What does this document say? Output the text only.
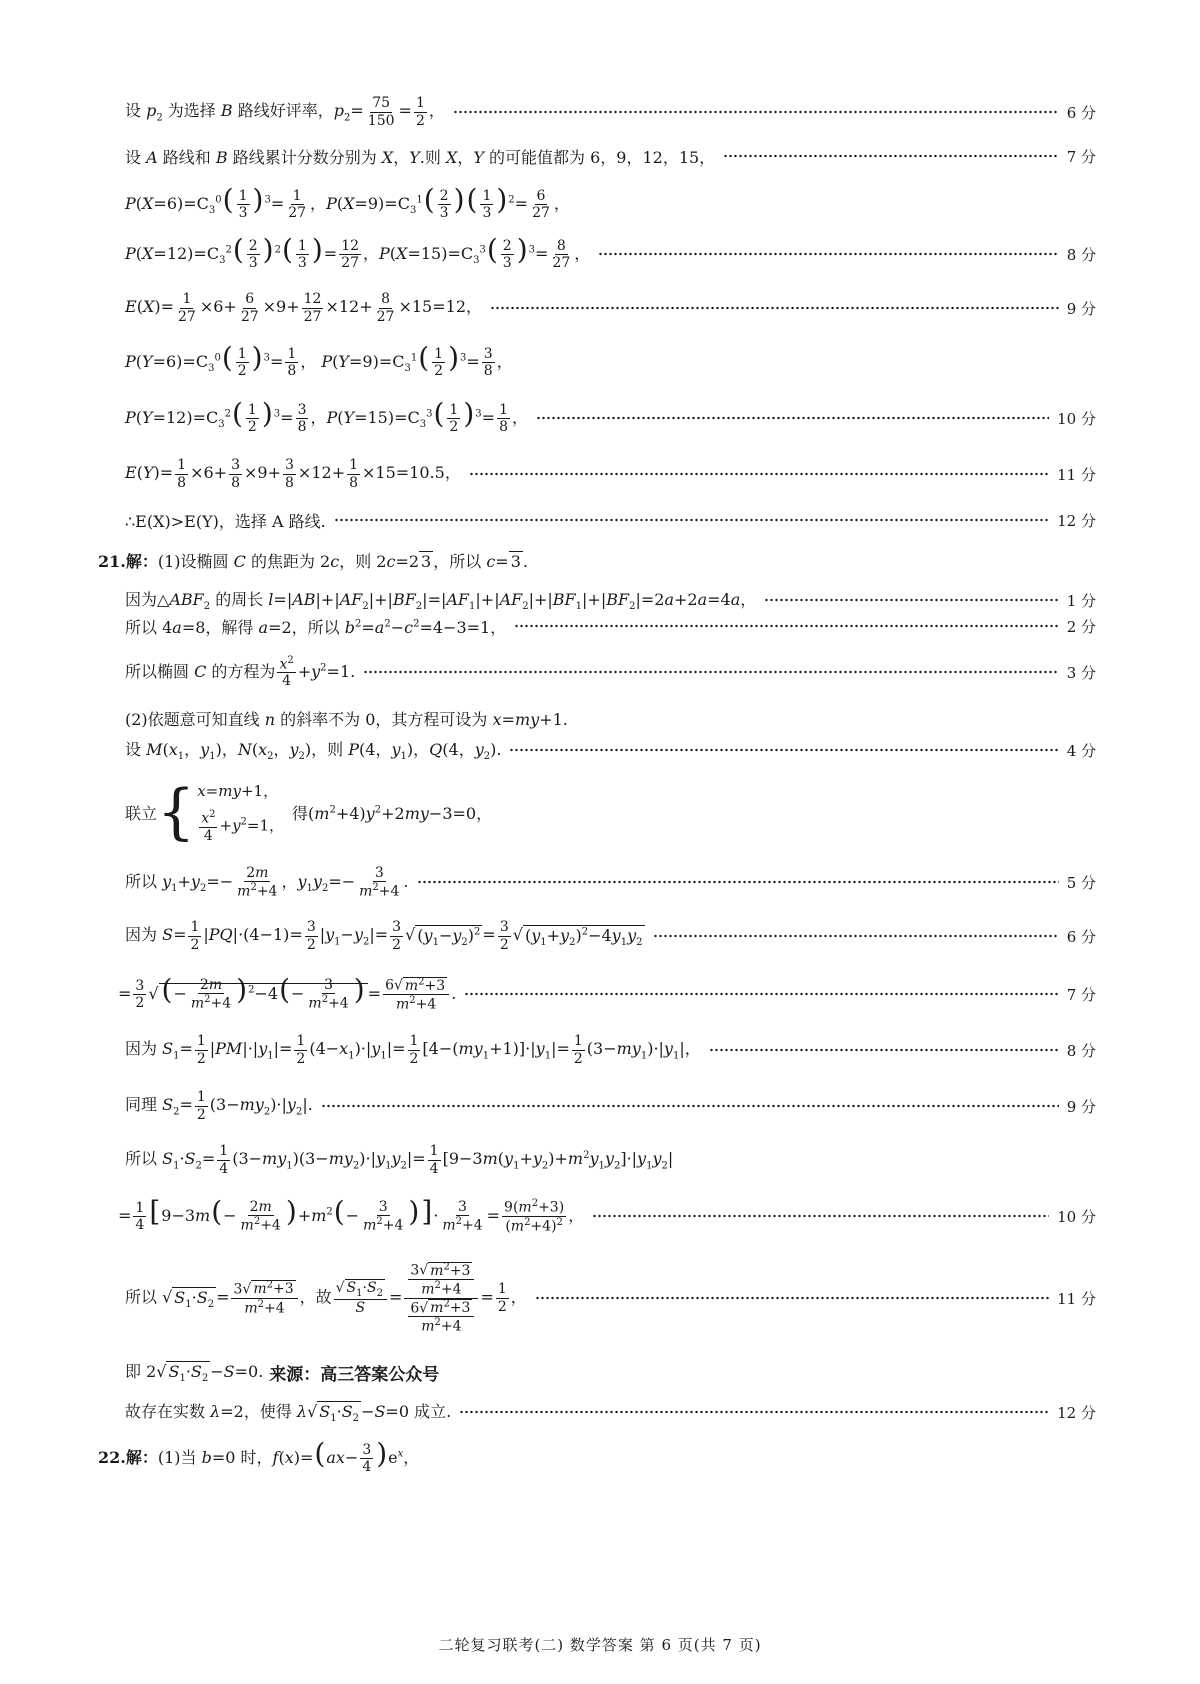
设 $p_2$ 为选择 B 路线好评率，$p_2= \frac{75}{150} = \frac{1}{2}$ ，	6 分
设 A 路线和 B 路线累计分数分别为 X，Y.则 X，Y 的可能值都为 6，9，12，15，	7 分
$P(X=6)=C_3^0( \frac{1}{3} )^3= \frac{1}{27}$ ，$P(X=9)=C_3^1( \frac{2}{3}$ )( $\frac{1}{3} )^2= \frac{6}{27}$ ，
$P(X=12)=C_3^2( \frac{2}{3} )^2( \frac{1}{3}$ )= $\frac{12}{27}$ ，$P(X=15)=C_3^3( \frac{2}{3} )^3= \frac{8}{27}$ ，	8 分
$E(X)= \frac{1}{27} \times 6+ \frac{6}{27} \times 9+ \frac{12}{27} \times 12+ \frac{8}{27} \times 15=12$，	9 分
$P(Y=6)=C_3^0( \frac{1}{2} )^3= \frac{1}{8}$ ， $P(Y=9)=C_3^1( \frac{1}{2} )^3= \frac{3}{8}$ ，
$P(Y=12)=C_3^2( \frac{1}{2} )^3= \frac{3}{8}$ ，$P(Y=15)=C_3^3( \frac{1}{2} )^3= \frac{1}{8}$ ，	10 分
$E(Y)= \frac{1}{8} \times 6+ \frac{3}{8} \times 9+ \frac{3}{8} \times 12+ \frac{1}{8} \times 15=10.5$，	11 分
∴E(X)>E(Y)，选择 A 路线.	12 分
21.解：(1)设椭圆 C 的焦距为 2c，则 2c=2 3 ，所以 c= 3 .
因为$\triangle ABF_2$ 的周长 $l=|AB|+|AF_2|+|BF_2|=|AF_1|+|AF_2|+|BF_1|+|BF_2|=2a+2a=4a$，	1 分
所以 4a=8，解得 a=2，所以 $b^2=a^2-c^2=4-3=1$，	2 分
所以椭圆 C 的方程为 $\frac{x^2}{4} +y^2=1$.	3 分
(2)依题意可知直线 n 的斜率不为 0，其方程可设为 x=my+1.
设 $M(x_1$，$y_1$)，$N(x_2$，$y_2$)，则 P(4，$y_1$)，Q(4，$y_2$).	4 分
联立 { x=my+1，
$\frac{x^2}{4} +y^2=1$，
得$(m^2+4)y^2+2my-3=0$，
所以 $y_1+y_2=- \frac{2m}{m^2+4}$ ，$y_1y_2=- \frac{3}{m^2+4}$ .	5 分
因为 $S= \frac{1}{2} |PQ|\cdot(4-1)= \frac{3}{2} |y_1-y_2|= \frac{3}{2}$ √ $(y_1-y_2)^2 = \frac{3}{2}$ √ $(y_1+y_2)^2-4y_1y_2$	6 分
= $\frac{3}{2}$ √ (− $\frac{2m}{m^2+4} )^2-4(- \frac{3}{m^2+4}$ ) = $\frac{6√ m^2+3}{m^2+4}$ .	7 分
因为 $S_1= \frac{1}{2} |PM|\cdot|y_1|= \frac{1}{2} (4-x_1)\cdot|y_1|= \frac{1}{2} [4-(my_1+1)]\cdot|y_1|= \frac{1}{2} (3-my_1)\cdot|y_1|$，	8 分
同理 $S_2= \frac{1}{2} (3-my_2)\cdot|y_2|$.	9 分
所以 $S_1\cdot S_2= \frac{1}{4} (3-my_1)(3-my_2)\cdot|y_1y_2|= \frac{1}{4} [9-3m(y_1+y_2)+m^2y_1y_2]\cdot|y_1y_2|$
= $\frac{1}{4} [9-3m(- \frac{2m}{m^2+4} )+m^2(- \frac{3}{m^2+4}$ )]· $\frac{3}{m^2+4} = \frac{9(m^2+3)}{(m^2+4)^2}$ ，	10 分
所以 √ $S_1\cdot S_2 = \frac{3√ m^2+3}{m^2+4}$ ，故 $\frac{√ S_1\cdot S_2}{S} = \frac{\frac{3√ m^2+3}{m^2+4}}{\frac{6√ m^2+3}{m^2+4}} = \frac{1}{2}$ ，	11 分
即 2√ $S_1\cdot S_2 -S=0$. 来源：高三答案公众号
故存在实数 λ=2，使得 λ√ $S_1\cdot S_2 -S=0$ 成立.	12 分
22.解：(1)当 b=0 时，$f(x)=(ax- \frac{3}{4} )e^x$，
二轮复习联考(二) 数学答案 第 6 页(共 7 页)
